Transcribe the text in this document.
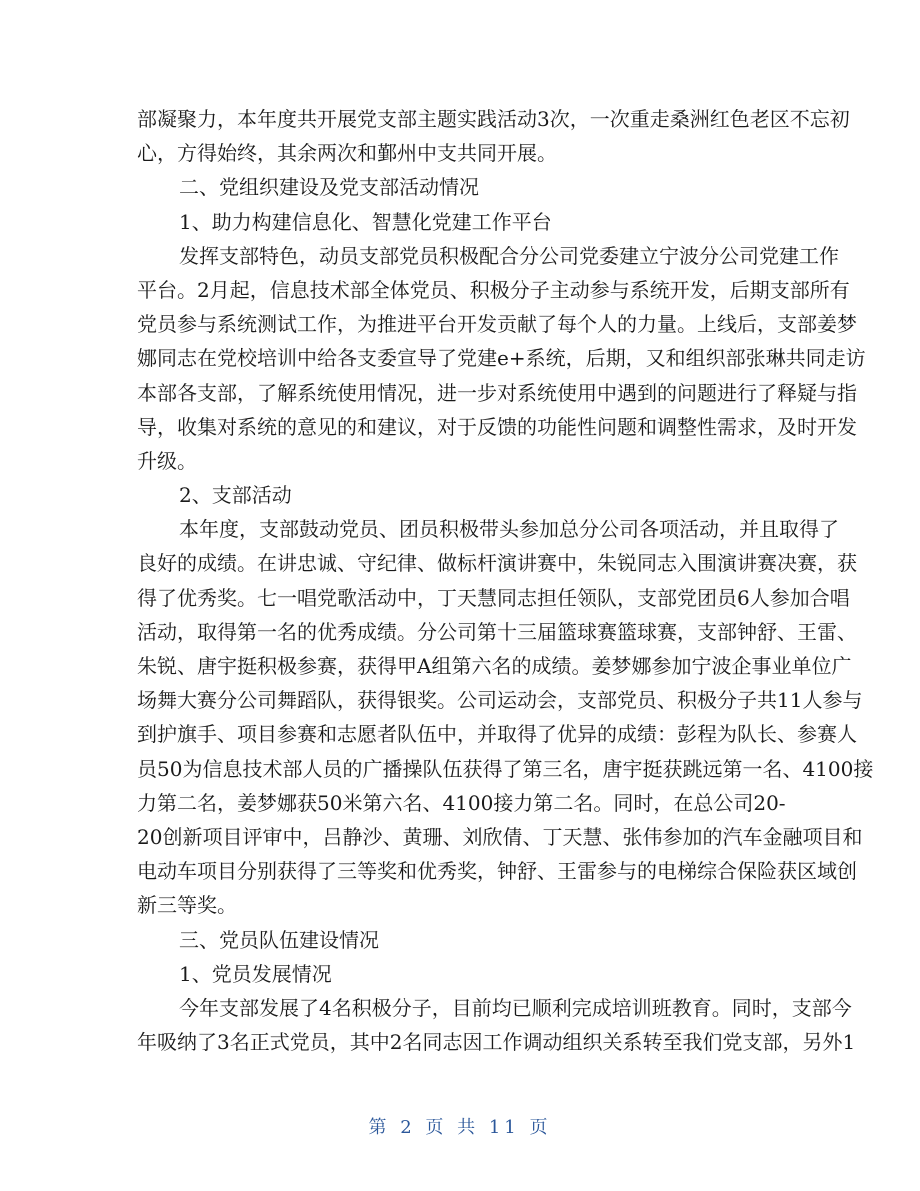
部凝聚力，本年度共开展党支部主题实践活动3次，一次重走桑洲红色老区不忘初
心，方得始终，其余两次和鄞州中支共同开展。
二、党组织建设及党支部活动情况
1、助力构建信息化、智慧化党建工作平台
发挥支部特色，动员支部党员积极配合分公司党委建立宁波分公司党建工作
平台。2月起，信息技术部全体党员、积极分子主动参与系统开发，后期支部所有
党员参与系统测试工作，为推进平台开发贡献了每个人的力量。上线后，支部姜梦
娜同志在党校培训中给各支委宣导了党建e+系统，后期，又和组织部张琳共同走访
本部各支部，了解系统使用情况，进一步对系统使用中遇到的问题进行了释疑与指
导，收集对系统的意见的和建议，对于反馈的功能性问题和调整性需求，及时开发
升级。
2、支部活动
本年度，支部鼓动党员、团员积极带头参加总分公司各项活动，并且取得了
良好的成绩。在讲忠诚、守纪律、做标杆演讲赛中，朱锐同志入围演讲赛决赛，获
得了优秀奖。七一唱党歌活动中，丁天慧同志担任领队，支部党团员6人参加合唱
活动，取得第一名的优秀成绩。分公司第十三届篮球赛篮球赛，支部钟舒、王雷、
朱锐、唐宇挺积极参赛，获得甲A组第六名的成绩。姜梦娜参加宁波企事业单位广
场舞大赛分公司舞蹈队，获得银奖。公司运动会，支部党员、积极分子共11人参与
到护旗手、项目参赛和志愿者队伍中，并取得了优异的成绩：彭程为队长、参赛人
员50为信息技术部人员的广播操队伍获得了第三名，唐宇挺获跳远第一名、4100接
力第二名，姜梦娜获50米第六名、4100接力第二名。同时，在总公司20-
20创新项目评审中，吕静沙、黄珊、刘欣倩、丁天慧、张伟参加的汽车金融项目和
电动车项目分别获得了三等奖和优秀奖，钟舒、王雷参与的电梯综合保险获区域创
新三等奖。
三、党员队伍建设情况
1、党员发展情况
今年支部发展了4名积极分子，目前均已顺利完成培训班教育。同时，支部今
年吸纳了3名正式党员，其中2名同志因工作调动组织关系转至我们党支部，另外1
第 2 页 共 11 页
